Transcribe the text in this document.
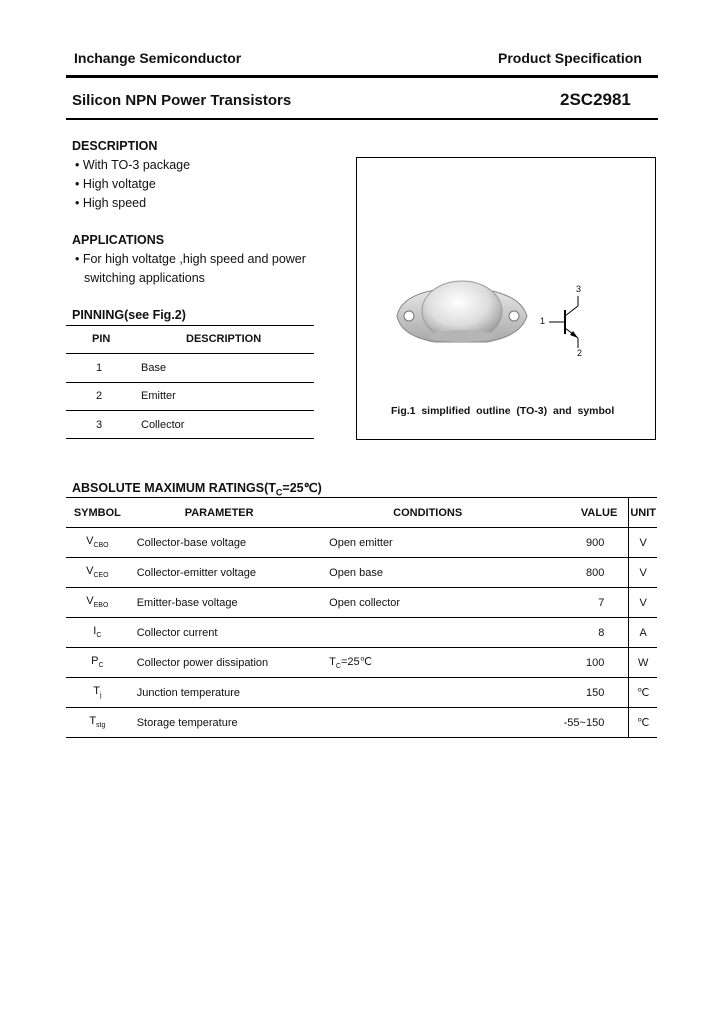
Inchange Semiconductor	Product Specification
Silicon NPN Power Transistors	2SC2981
DESCRIPTION
• With TO-3 package
• High voltatge
• High speed
APPLICATIONS
• For high voltatge ,high speed and power
switching applications
PINNING(see Fig.2)
PIN	DESCRIPTION
1	Base
2	Emitter
3	Collector
1
2
3
Fig.1  simplified  outline  (TO-3)  and  symbol
ABSOLUTE MAXIMUM $RATINGS(T_C=25℃)$
SYMBOL	PARAMETER	CONDITIONS	VALUE	UNIT
$V_{CBO}$	Collector-base voltage	Open emitter	900	V
$V_{CEO}$	Collector-emitter voltage	Open base	800	V
$V_{EBO}$	Emitter-base voltage	Open collector	7	V
$I_C$	Collector current		8	A
$P_C$	Collector power dissipation	$T_C=25℃$	100	W
$T_j$	Junction temperature		150	℃
$T_{stg}$	Storage temperature		-55~150	℃
